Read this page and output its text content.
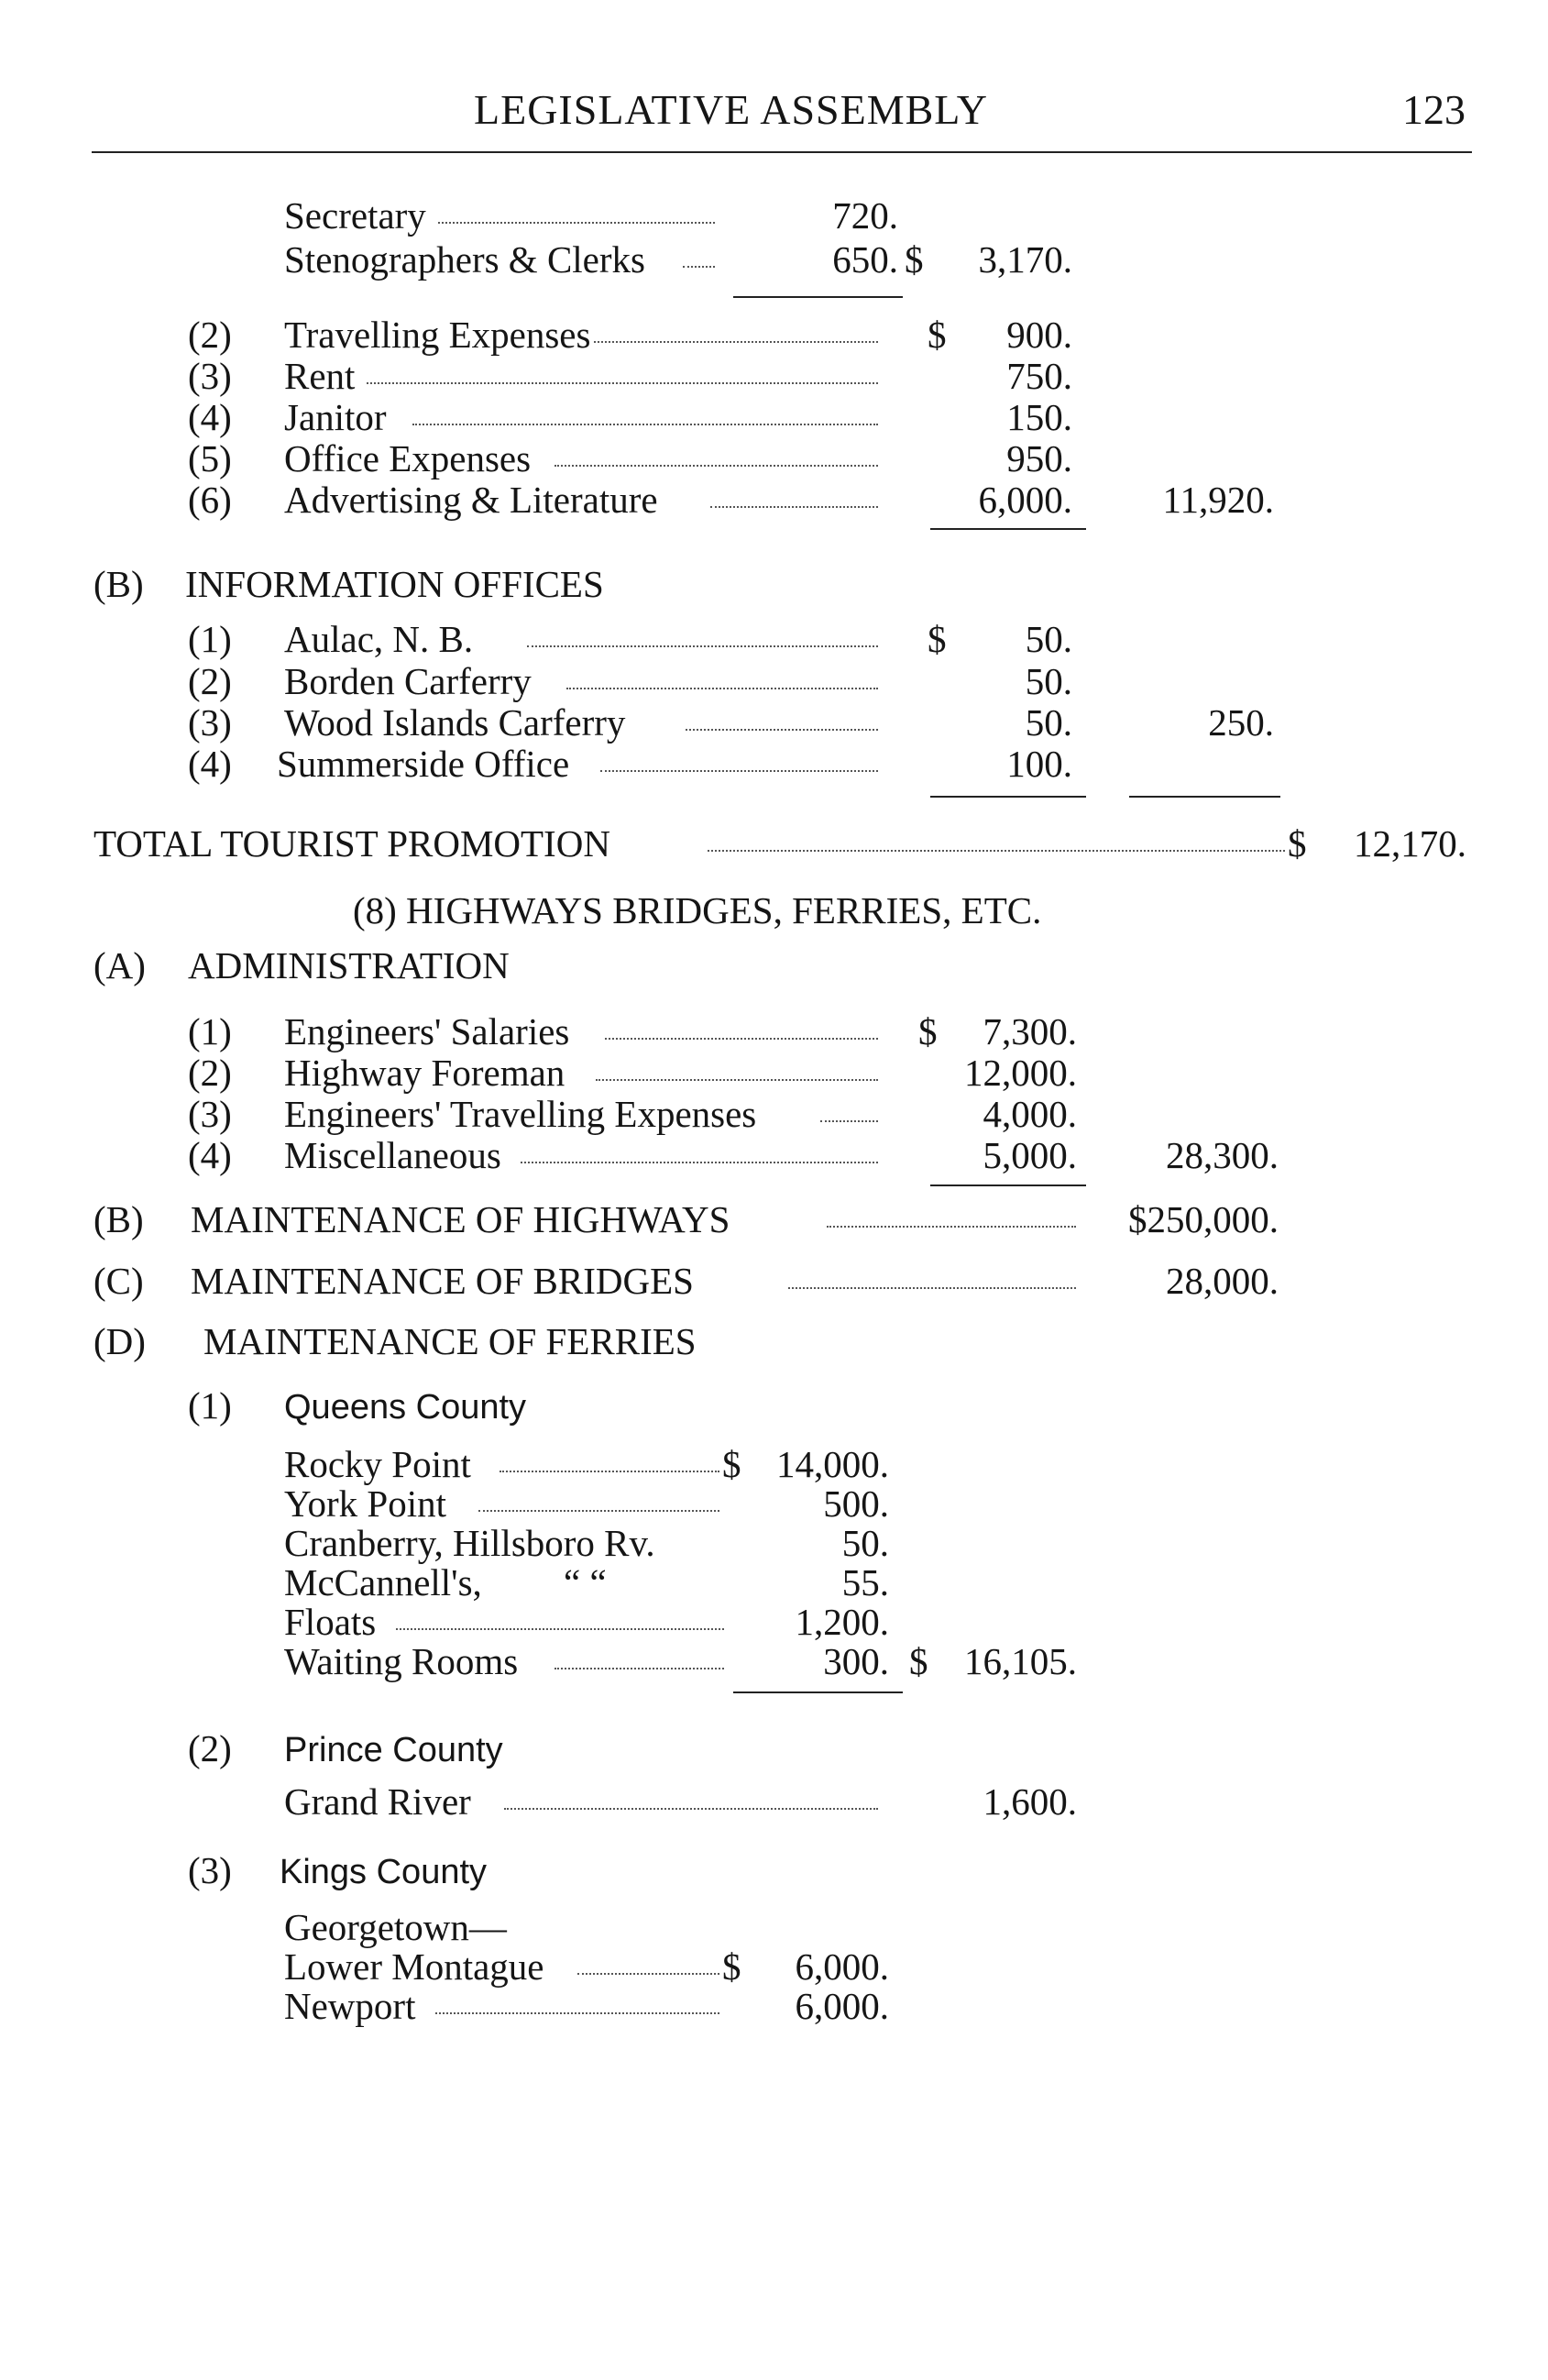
LEGISLATIVE ASSEMBLY	123
Secretary	720.
Stenographers & Clerks	650. $	3,170.
(2) Travelling Expenses	$	900.
(3) Rent	750.
(4) Janitor	150.
(5) Office Expenses	950.
(6) Advertising & Literature	6,000.	11,920.
(B) INFORMATION OFFICES
(1) Aulac, N. B.	$	50.
(2) Borden Carferry	50.
(3) Wood Islands Carferry	50.	250.
(4) Summerside Office	100.
TOTAL TOURIST PROMOTION	$	12,170.
(8) HIGHWAYS BRIDGES, FERRIES, ETC.
(A) ADMINISTRATION
(1) Engineers' Salaries	$	7,300.
(2) Highway Foreman	12,000.
(3) Engineers' Travelling Expenses	4,000.
(4) Miscellaneous	5,000.	28,300.
(B) MAINTENANCE OF HIGHWAYS	$250,000.
(C) MAINTENANCE OF BRIDGES	28,000.
(D) MAINTENANCE OF FERRIES
(1) Queens County
Rocky Point	$ 14,000.
York Point	500.
Cranberry, Hillsboro Rv.	50.
McCannell's, “ “	55.
Floats	1,200.
Waiting Rooms	300. $ 16,105.
(2) Prince County
Grand River	1,600.
(3) Kings County
Georgetown—
Lower Montague	$	6,000.
Newport	6,000.
